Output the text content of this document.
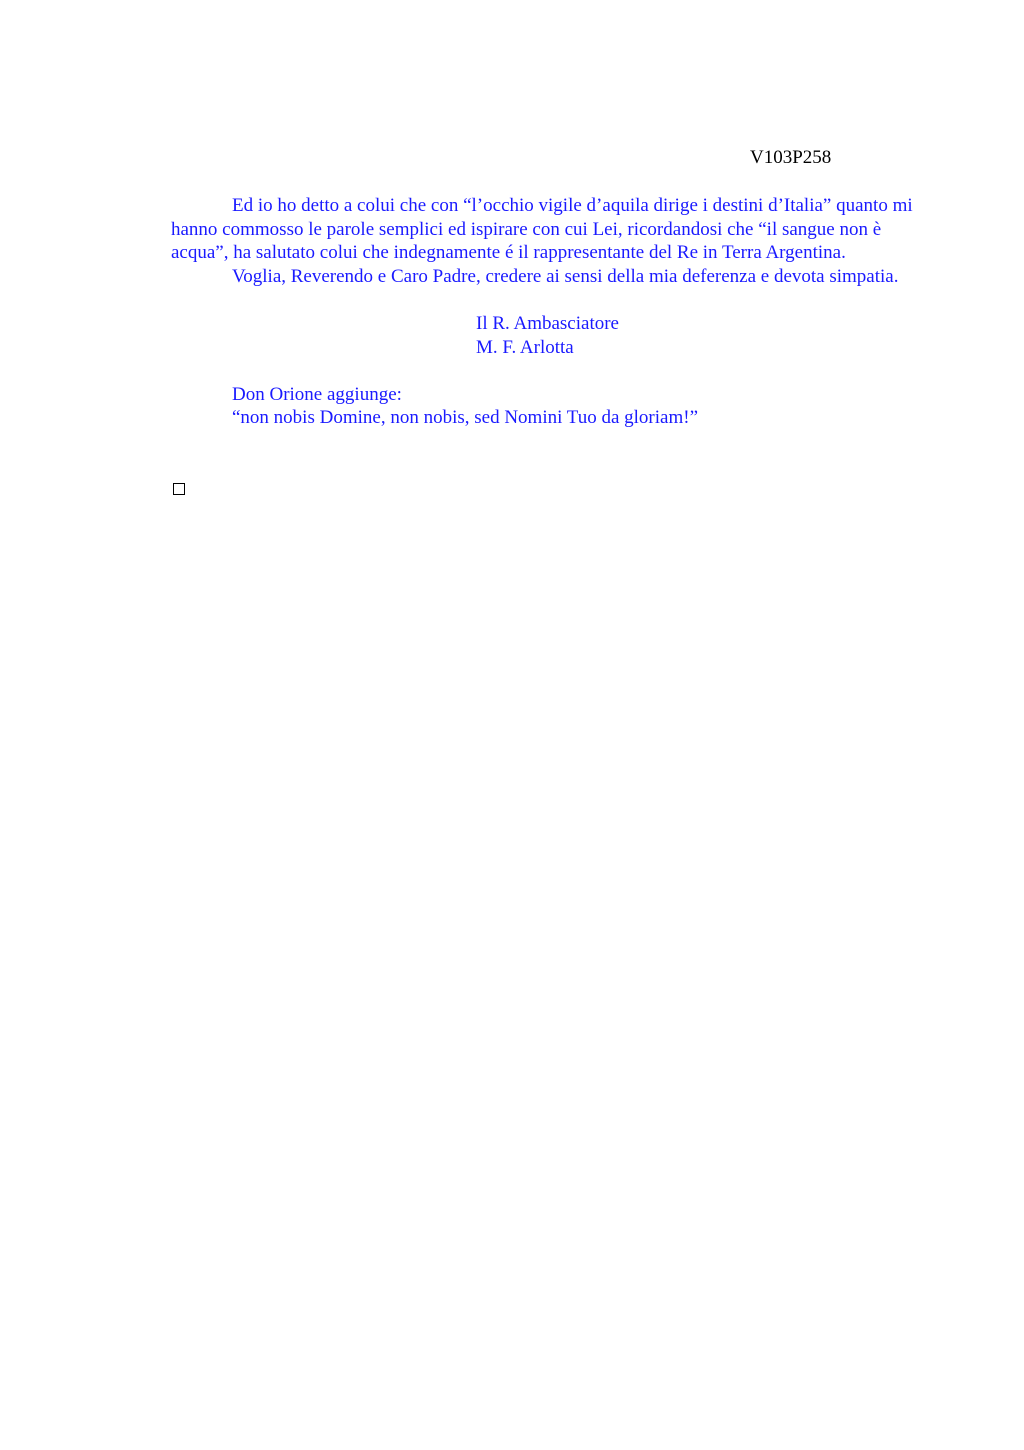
V103P258

Ed io ho detto a colui che con “l’occhio vigile d’aquila dirige i destini d’Italia” quanto mi hanno commosso le parole semplici ed ispirare con cui Lei, ricordandosi che “il sangue non è acqua”, ha salutato colui che indegnamente é il rappresentante del Re in Terra Argentina.

Voglia, Reverendo e Caro Padre, credere ai sensi della mia deferenza e devota simpatia.

Il R. Ambasciatore

M. F. Arlotta

Don Orione aggiunge:

“non nobis Domine, non nobis, sed Nomini Tuo da gloriam!”
